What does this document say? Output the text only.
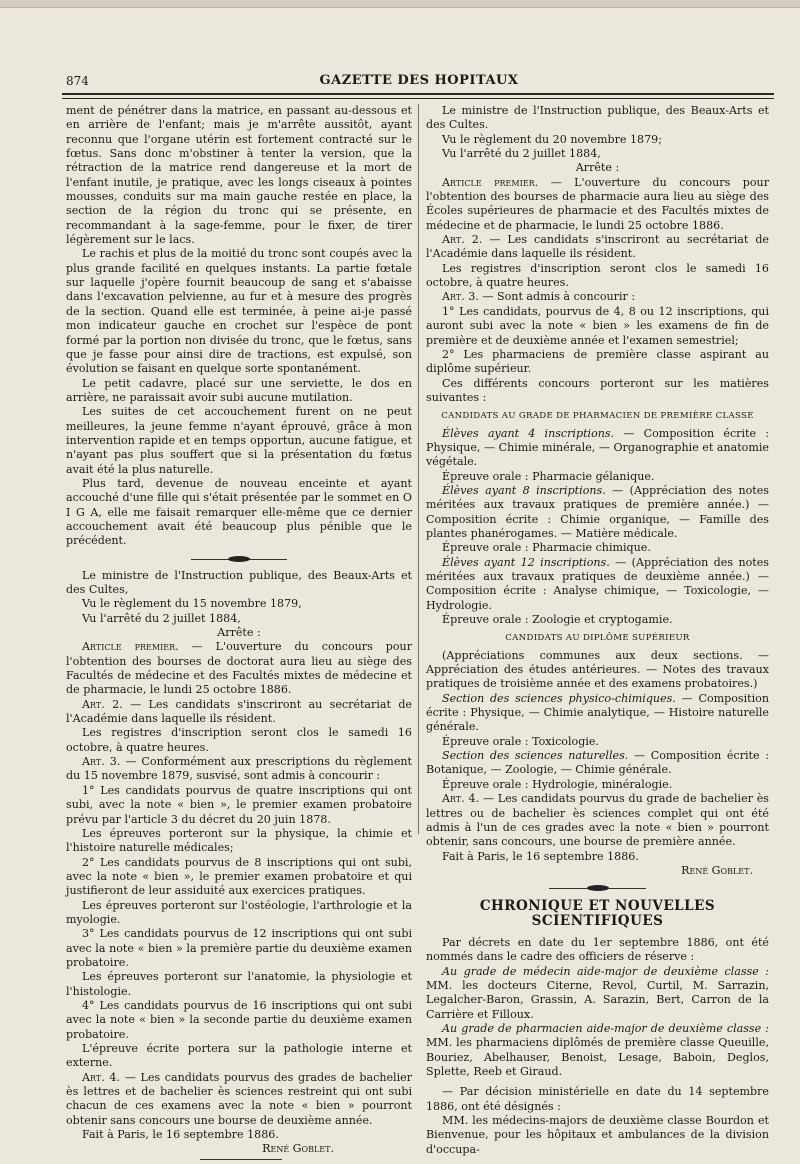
874	GAZETTE DES HOPITAUX

ment de pénétrer dans la matrice, en passant au-dessous et en arrière de l'enfant; mais je m'arrête aussitôt, ayant reconnu que l'organe utérin est fortement contracté sur le fœtus. Sans donc m'obstiner à tenter la version, que la rétraction de la matrice rend dangereuse et la mort de l'enfant inutile, je pratique, avec les longs ciseaux à pointes mousses, conduits sur ma main gauche restée en place, la section de la région du tronc qui se présente, en recommandant à la sage-femme, pour le fixer, de tirer légèrement sur le lacs.

Le rachis et plus de la moitié du tronc sont coupés avec la plus grande facilité en quelques instants. La partie fœtale sur laquelle j'opère fournit beaucoup de sang et s'abaisse dans l'excavation pelvienne, au fur et à mesure des progrès de la section. Quand elle est terminée, à peine ai-je passé mon indicateur gauche en crochet sur l'espèce de pont formé par la portion non divisée du tronc, que le fœtus, sans que je fasse pour ainsi dire de tractions, est expulsé, son évolution se faisant en quelque sorte spontanément.

Le petit cadavre, placé sur une serviette, le dos en arrière, ne paraissait avoir subi aucune mutilation.

Les suites de cet accouchement furent on ne peut meilleures, la jeune femme n'ayant éprouvé, grâce à mon intervention rapide et en temps opportun, aucune fatigue, et n'ayant pas plus souffert que si la présentation du fœtus avait été la plus naturelle.

Plus tard, devenue de nouveau enceinte et ayant accouché d'une fille qui s'était présentée par le sommet en O I G A, elle me faisait remarquer elle-même que ce dernier accouchement avait été beaucoup plus pénible que le précédent.

Le ministre de l'Instruction publique, des Beaux-Arts et des Cultes,

Vu le règlement du 15 novembre 1879,

Vu l'arrêté du 2 juillet 1884,

Arrête :

Article premier. — L'ouverture du concours pour l'obtention des bourses de doctorat aura lieu au siège des Facultés de médecine et des Facultés mixtes de médecine et de pharmacie, le lundi 25 octobre 1886.

Art. 2. — Les candidats s'inscriront au secrétariat de l'Académie dans laquelle ils résident.

Les registres d'inscription seront clos le samedi 16 octobre, à quatre heures.

Art. 3. — Conformément aux prescriptions du règlement du 15 novembre 1879, susvisé, sont admis à concourir :

1° Les candidats pourvus de quatre inscriptions qui ont subi, avec la note « bien », le premier examen probatoire prévu par l'article 3 du décret du 20 juin 1878.

Les épreuves porteront sur la physique, la chimie et l'histoire naturelle médicales;

2° Les candidats pourvus de 8 inscriptions qui ont subi, avec la note « bien », le premier examen probatoire et qui justifieront de leur assiduité aux exercices pratiques.

Les épreuves porteront sur l'ostéologie, l'arthrologie et la myologie.

3° Les candidats pourvus de 12 inscriptions qui ont subi avec la note « bien » la première partie du deuxième examen probatoire.

Les épreuves porteront sur l'anatomie, la physiologie et l'histologie.

4° Les candidats pourvus de 16 inscriptions qui ont subi avec la note « bien » la seconde partie du deuxième examen probatoire.

L'épreuve écrite portera sur la pathologie interne et externe.

Art. 4. — Les candidats pourvus des grades de bachelier ès lettres et de bachelier ès sciences restreint qui ont subi chacun de ces examens avec la note « bien » pourront obtenir sans concours une bourse de deuxième année.

Fait à Paris, le 16 septembre 1886.

René Goblet.

Le ministre de l'Instruction publique, des Beaux-Arts et des Cultes.

Vu le règlement du 20 novembre 1879;

Vu l'arrêté du 2 juillet 1884,

Arrête :

Article premier. — L'ouverture du concours pour l'obtention des bourses de pharmacie aura lieu au siège des Écoles supérieures de pharmacie et des Facultés mixtes de médecine et de pharmacie, le lundi 25 octobre 1886.

Art. 2. — Les candidats s'inscriront au secrétariat de l'Académie dans laquelle ils résident.

Les registres d'inscription seront clos le samedi 16 octobre, à quatre heures.

Art. 3. — Sont admis à concourir :

1° Les candidats, pourvus de 4, 8 ou 12 inscriptions, qui auront subi avec la note « bien » les examens de fin de première et de deuxième année et l'examen semestriel;

2° Les pharmaciens de première classe aspirant au diplôme supérieur.

Ces différents concours porteront sur les matières suivantes :

CANDIDATS AU GRADE DE PHARMACIEN DE PREMIÈRE CLASSE

Élèves ayant 4 inscriptions. — Composition écrite : Physique, — Chimie minérale, — Organographie et anatomie végétale.

Épreuve orale : Pharmacie gélanique.

Élèves ayant 8 inscriptions. — (Appréciation des notes méritées aux travaux pratiques de première année.) — Composition écrite : Chimie organique, — Famille des plantes phanérogames. — Matière médicale.

Épreuve orale : Pharmacie chimique.

Élèves ayant 12 inscriptions. — (Appréciation des notes méritées aux travaux pratiques de deuxième année.) — Composition écrite : Analyse chimique, — Toxicologie, — Hydrologie.

Épreuve orale : Zoologie et cryptogamie.

CANDIDATS AU DIPLÔME SUPÉRIEUR

(Appréciations communes aux deux sections. — Appréciation des études antérieures. — Notes des travaux pratiques de troisième année et des examens probatoires.)

Section des sciences physico-chimiques. — Composition écrite : Physique, — Chimie analytique, — Histoire naturelle générale.

Épreuve orale : Toxicologie.

Section des sciences naturelles. — Composition écrite : Botanique, — Zoologie, — Chimie générale.

Épreuve orale : Hydrologie, minéralogie.

Art. 4. — Les candidats pourvus du grade de bachelier ès lettres ou de bachelier ès sciences complet qui ont été admis à l'un de ces grades avec la note « bien » pourront obtenir, sans concours, une bourse de première année.

Fait à Paris, le 16 septembre 1886.

René Goblet.

CHRONIQUE ET NOUVELLES SCIENTIFIQUES

Par décrets en date du 1er septembre 1886, ont été nommés dans le cadre des officiers de réserve :

Au grade de médecin aide-major de deuxième classe : MM. les docteurs Citerne, Revol, Curtil, M. Sarrazin, Legalcher-Baron, Grassin, A. Sarazin, Bert, Carron de la Carrière et Filloux.

Au grade de pharmacien aide-major de deuxième classe : MM. les pharmaciens diplômés de première classe Queuille, Bouriez, Abelhauser, Benoist, Lesage, Baboin, Deglos, Splette, Reeb et Giraud.

— Par décision ministérielle en date du 14 septembre 1886, ont été désignés :

MM. les médecins-majors de deuxième classe Bourdon et Bienvenue, pour les hôpitaux et ambulances de la division d'occupa-
